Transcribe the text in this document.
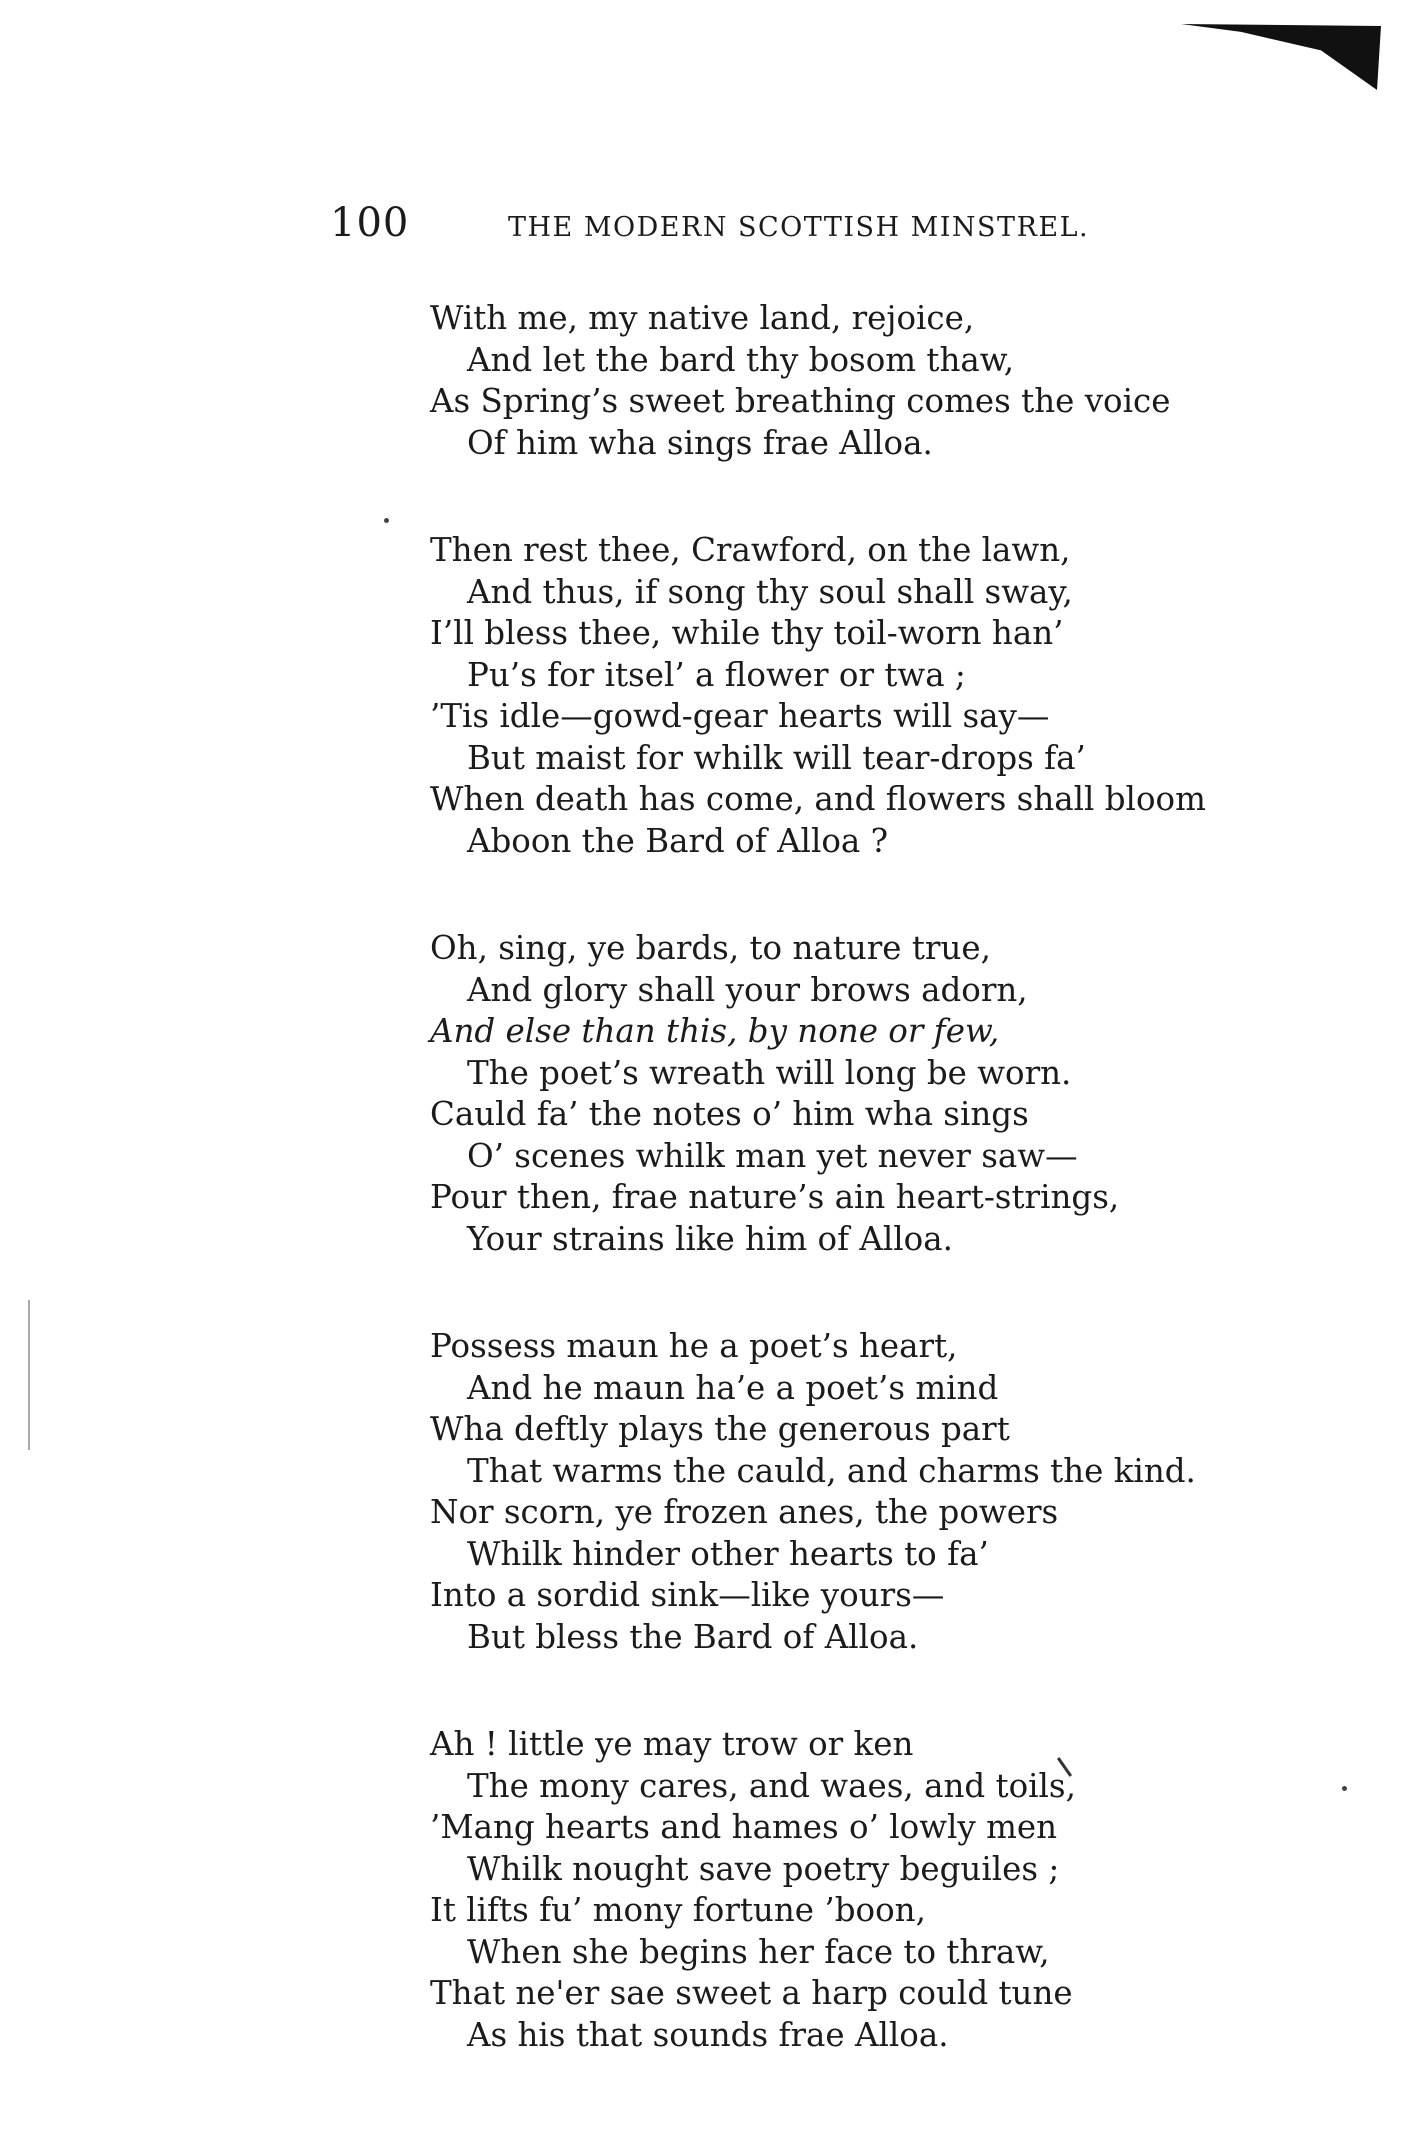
100	THE MODERN SCOTTISH MINSTREL.
With me, my native land, rejoice,
And let the bard thy bosom thaw,
As Spring’s sweet breathing comes the voice
Of him wha sings frae Alloa.
Then rest thee, Crawford, on the lawn,
And thus, if song thy soul shall sway,
I’ll bless thee, while thy toil-worn han’
Pu’s for itsel’ a flower or twa ;
’Tis idle—gowd-gear hearts will say—
But maist for whilk will tear-drops fa’
When death has come, and flowers shall bloom
Aboon the Bard of Alloa ?
Oh, sing, ye bards, to nature true,
And glory shall your brows adorn,
And else than this, by none or few,
The poet’s wreath will long be worn.
Cauld fa’ the notes o’ him wha sings
O’ scenes whilk man yet never saw—
Pour then, frae nature’s ain heart-strings,
Your strains like him of Alloa.
Possess maun he a poet’s heart,
And he maun ha’e a poet’s mind
Wha deftly plays the generous part
That warms the cauld, and charms the kind.
Nor scorn, ye frozen anes, the powers
Whilk hinder other hearts to fa’
Into a sordid sink—like yours—
But bless the Bard of Alloa.
Ah ! little ye may trow or ken
The mony cares, and waes, and toils,
’Mang hearts and hames o’ lowly men
Whilk nought save poetry beguiles ;
It lifts fu’ mony fortune ’boon,
When she begins her face to thraw,
That ne'er sae sweet a harp could tune
As his that sounds frae Alloa.
